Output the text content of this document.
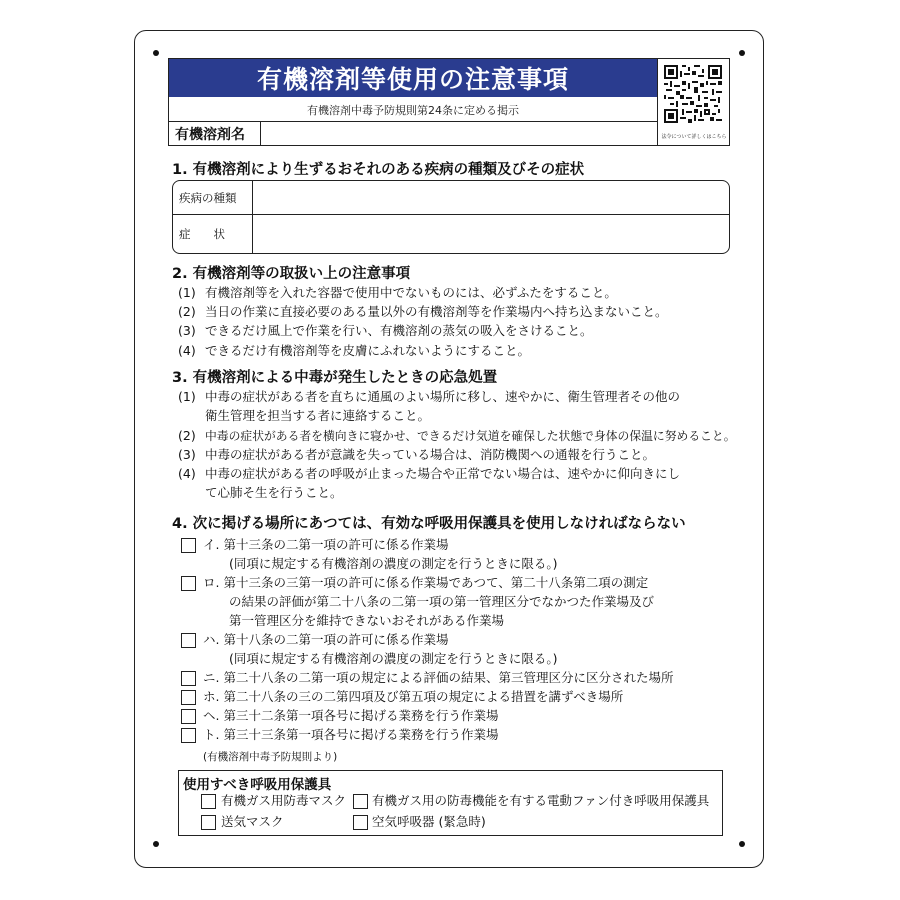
有機溶剤等使用の注意事項
有機溶剤中毒予防規則第24条に定める掲示
有機溶剤名	法令について詳しくはこちら
1. 有機溶剤により生ずるおそれのある疾病の種類及びその症状
疾病の種類
症　　状
2. 有機溶剤等の取扱い上の注意事項
(1) 有機溶剤等を入れた容器で使用中でないものには、必ずふたをすること。
(2) 当日の作業に直接必要のある量以外の有機溶剤等を作業場内へ持ち込まないこと。
(3) できるだけ風上で作業を行い、有機溶剤の蒸気の吸入をさけること。
(4) できるだけ有機溶剤等を皮膚にふれないようにすること。
3. 有機溶剤による中毒が発生したときの応急処置
(1) 中毒の症状がある者を直ちに通風のよい場所に移し、速やかに、衛生管理者その他の
衛生管理を担当する者に連絡すること。
(2) 中毒の症状がある者を横向きに寝かせ、できるだけ気道を確保した状態で身体の保温に努めること。
(3) 中毒の症状がある者が意識を失っている場合は、消防機関への通報を行うこと。
(4) 中毒の症状がある者の呼吸が止まった場合や正常でない場合は、速やかに仰向きにし
て心肺そ生を行うこと。
4. 次に掲げる場所にあつては、有効な呼吸用保護具を使用しなければならない
イ. 第十三条の二第一項の許可に係る作業場
(同項に規定する有機溶剤の濃度の測定を行うときに限る。)
ロ. 第十三条の三第一項の許可に係る作業場であつて、第二十八条第二項の測定
の結果の評価が第二十八条の二第一項の第一管理区分でなかつた作業場及び
第一管理区分を維持できないおそれがある作業場
ハ. 第十八条の二第一項の許可に係る作業場
(同項に規定する有機溶剤の濃度の測定を行うときに限る。)
ニ. 第二十八条の二第一項の規定による評価の結果、第三管理区分に区分された場所
ホ. 第二十八条の三の二第四項及び第五項の規定による措置を講ずべき場所
ヘ. 第三十二条第一項各号に掲げる業務を行う作業場
ト. 第三十三条第一項各号に掲げる業務を行う作業場
(有機溶剤中毒予防規則より)
使用すべき呼吸用保護具
有機ガス用防毒マスク 有機ガス用の防毒機能を有する電動ファン付き呼吸用保護具
送気マスク	空気呼吸器 (緊急時)
